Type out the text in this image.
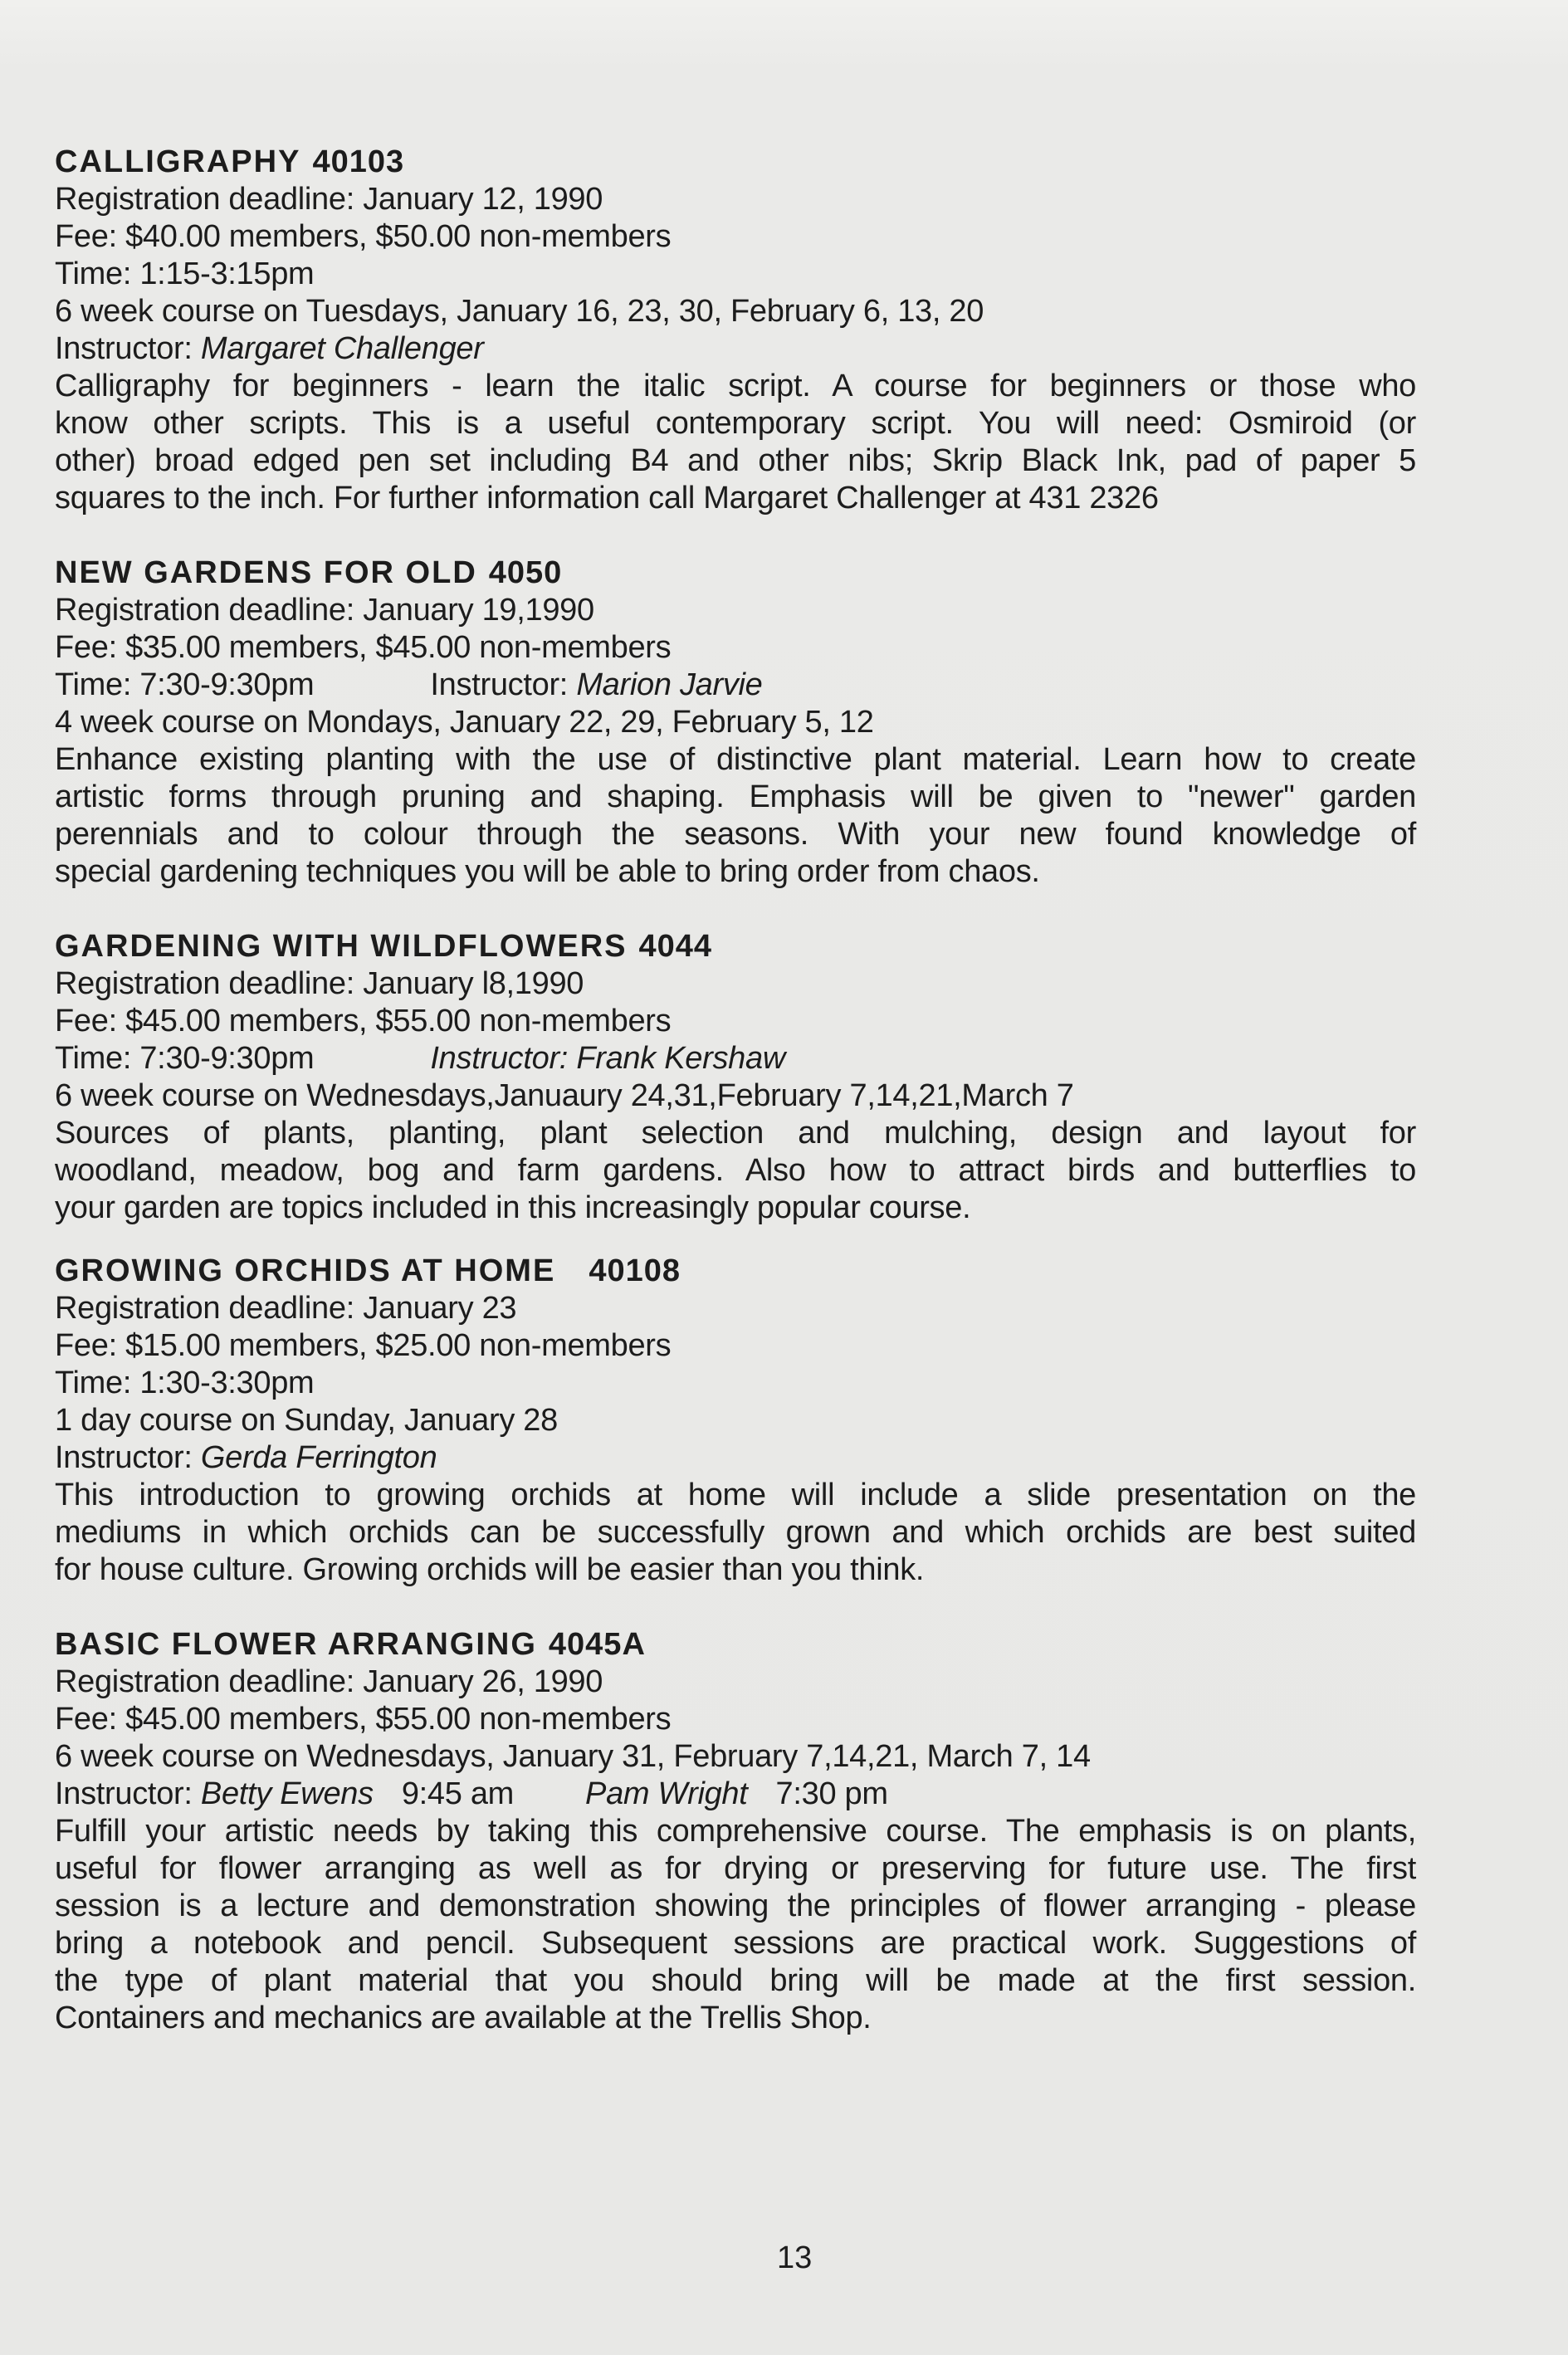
CALLIGRAPHY 40103
Registration deadline: January 12, 1990
Fee: $40.00 members, $50.00 non-members
Time: 1:15-3:15pm
6 week course on Tuesdays, January 16, 23, 30, February 6, 13, 20
Instructor: Margaret Challenger
Calligraphy for beginners - learn the italic script. A course for beginners or those who
know other scripts. This is a useful contemporary script. You will need: Osmiroid (or
other) broad edged pen set including B4 and other nibs; Skrip Black Ink, pad of paper 5
squares to the inch. For further information call Margaret Challenger at 431 2326
NEW GARDENS FOR OLD 4050
Registration deadline: January 19,1990
Fee: $35.00 members, $45.00 non-members
Time: 7:30-9:30pm	Instructor: Marion Jarvie
4 week course on Mondays, January 22, 29, February 5, 12
Enhance existing planting with the use of distinctive plant material. Learn how to create
artistic forms through pruning and shaping. Emphasis will be given to "newer" garden
perennials and to colour through the seasons. With your new found knowledge of
special gardening techniques you will be able to bring order from chaos.
GARDENING WITH WILDFLOWERS 4044
Registration deadline: January l8,1990
Fee: $45.00 members, $55.00 non-members
Time: 7:30-9:30pm	Instructor: Frank Kershaw
6 week course on Wednesdays,Januaury 24,31,February 7,14,21,March 7
Sources of plants, planting, plant selection and mulching, design and layout for
woodland, meadow, bog and farm gardens. Also how to attract birds and butterflies to
your garden are topics included in this increasingly popular course.
GROWING ORCHIDS AT HOME 40108
Registration deadline: January 23
Fee: $15.00 members, $25.00 non-members
Time: 1:30-3:30pm
1 day course on Sunday, January 28
Instructor: Gerda Ferrington
This introduction to growing orchids at home will include a slide presentation on the
mediums in which orchids can be successfully grown and which orchids are best suited
for house culture. Growing orchids will be easier than you think.
BASIC FLOWER ARRANGING 4045A
Registration deadline: January 26, 1990
Fee: $45.00 members, $55.00 non-members
6 week course on Wednesdays, January 31, February 7,14,21, March 7, 14
Instructor: Betty Ewens 9:45 am Pam Wright 7:30 pm
Fulfill your artistic needs by taking this comprehensive course. The emphasis is on plants,
useful for flower arranging as well as for drying or preserving for future use. The first
session is a lecture and demonstration showing the principles of flower arranging - please
bring a notebook and pencil. Subsequent sessions are practical work. Suggestions of
the type of plant material that you should bring will be made at the first session.
Containers and mechanics are available at the Trellis Shop.
13
